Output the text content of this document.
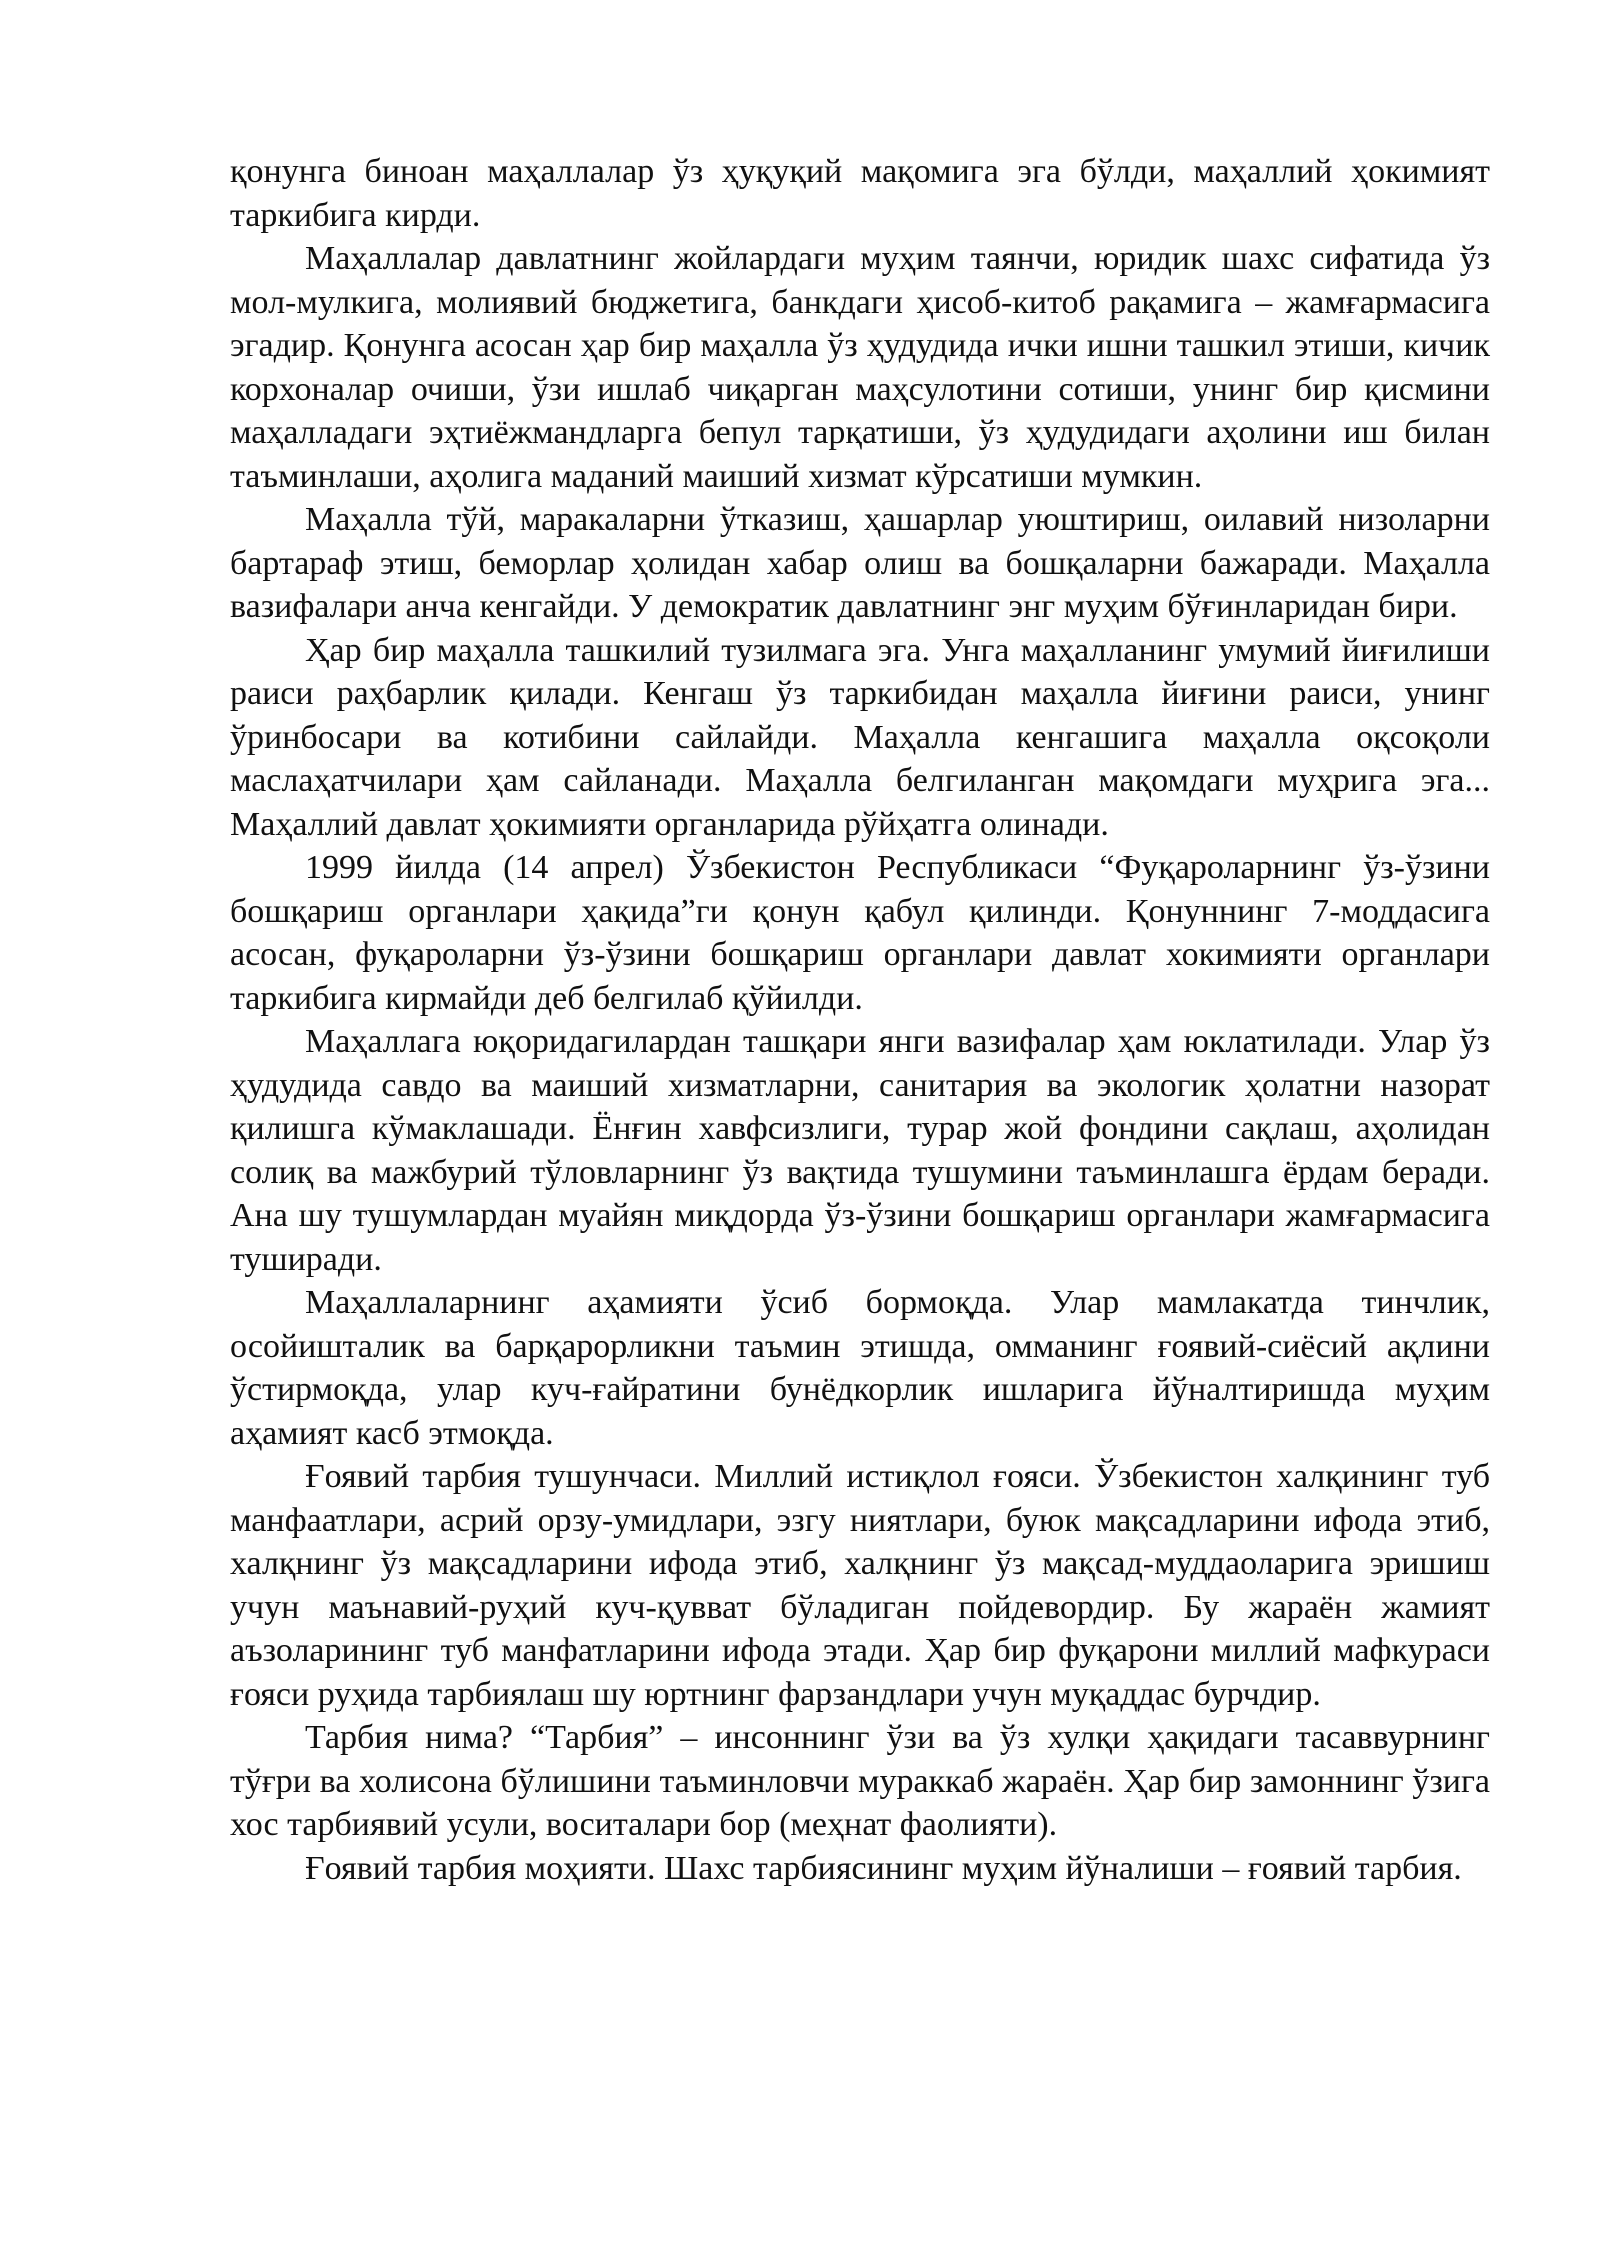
қонунга биноан маҳаллалар ўз ҳуқуқий мақомига эга бўлди, маҳаллий ҳокимият таркибига кирди.

Маҳаллалар давлатнинг жойлардаги муҳим таянчи, юридик шахс сифатида ўз мол-мулкига, молиявий бюджетига, банкдаги ҳисоб-китоб рақамига – жамғармасига эгадир. Қонунга асосан ҳар бир маҳалла ўз ҳудудида ички ишни ташкил этиши, кичик корхоналар очиши, ўзи ишлаб чиқарган маҳсулотини сотиши, унинг бир қисмини маҳалладаги эҳтиёжмандларга бепул тарқатиши, ўз ҳудудидаги аҳолини иш билан таъминлаши, аҳолига маданий маиший хизмат кўрсатиши мумкин.

Маҳалла тўй, маракаларни ўтказиш, ҳашарлар уюштириш, оилавий низоларни бартараф этиш, беморлар ҳолидан хабар олиш ва бошқаларни бажаради. Маҳалла вазифалари анча кенгайди. У демократик давлатнинг энг муҳим бўғинларидан бири.

Ҳар бир маҳалла ташкилий тузилмага эга. Унга маҳалланинг умумий йиғилиши раиси раҳбарлик қилади. Кенгаш ўз таркибидан маҳалла йиғини раиси, унинг ўринбосари ва котибини сайлайди. Маҳалла кенгашига маҳалла оқсоқоли маслаҳатчилари ҳам сайланади. Маҳалла белгиланган мақомдаги муҳрига эга... Маҳаллий давлат ҳокимияти органларида рўйҳатга олинади.

1999 йилда (14 апрел) Ўзбекистон Республикаси “Фуқароларнинг ўз-ўзини бошқариш органлари ҳақида”ги қонун қабул қилинди. Қонуннинг 7-моддасига асосан, фуқароларни ўз-ўзини бошқариш органлари давлат хокимияти органлари таркибига кирмайди деб белгилаб қўйилди.

Маҳаллага юқоридагилардан ташқари янги вазифалар ҳам юклатилади. Улар ўз ҳудудида савдо ва маиший хизматларни, санитария ва экологик ҳолатни назорат қилишга кўмаклашади. Ёнғин хавфсизлиги, турар жой фондини сақлаш, аҳолидан солиқ ва мажбурий тўловларнинг ўз вақтида тушумини таъминлашга ёрдам беради. Ана шу тушумлардан муайян миқдорда ўз-ўзини бошқариш органлари жамғармасига туширади.

Маҳаллаларнинг аҳамияти ўсиб бормоқда. Улар мамлакатда тинчлик, осойишталик ва барқарорликни таъмин этишда, омманинг ғоявий-сиёсий ақлини ўстирмоқда, улар куч-ғайратини бунёдкорлик ишларига йўналтиришда муҳим аҳамият касб этмоқда.

Ғоявий тарбия тушунчаси. Миллий истиқлол ғояси. Ўзбекистон халқининг туб манфаатлари, асрий орзу-умидлари, эзгу ниятлари, буюк мақсадларини ифода этиб, халқнинг ўз мақсадларини ифода этиб, халқнинг ўз мақсад-муддаоларига эришиш учун маънавий-руҳий куч-қувват бўладиган пойдевордир. Бу жараён жамият аъзоларининг туб манфатларини ифода этади. Ҳар бир фуқарони миллий мафкураси ғояси руҳида тарбиялаш шу юртнинг фарзандлари учун муқаддас бурчдир.

Тарбия нима? “Тарбия” – инсоннинг ўзи ва ўз хулқи ҳақидаги тасаввурнинг тўғри ва холисона бўлишини таъминловчи мураккаб жараён. Ҳар бир замоннинг ўзига хос тарбиявий усули, воситалари бор (меҳнат фаолияти).

Ғоявий тарбия моҳияти. Шахс тарбиясининг муҳим йўналиши – ғоявий тарбия.
